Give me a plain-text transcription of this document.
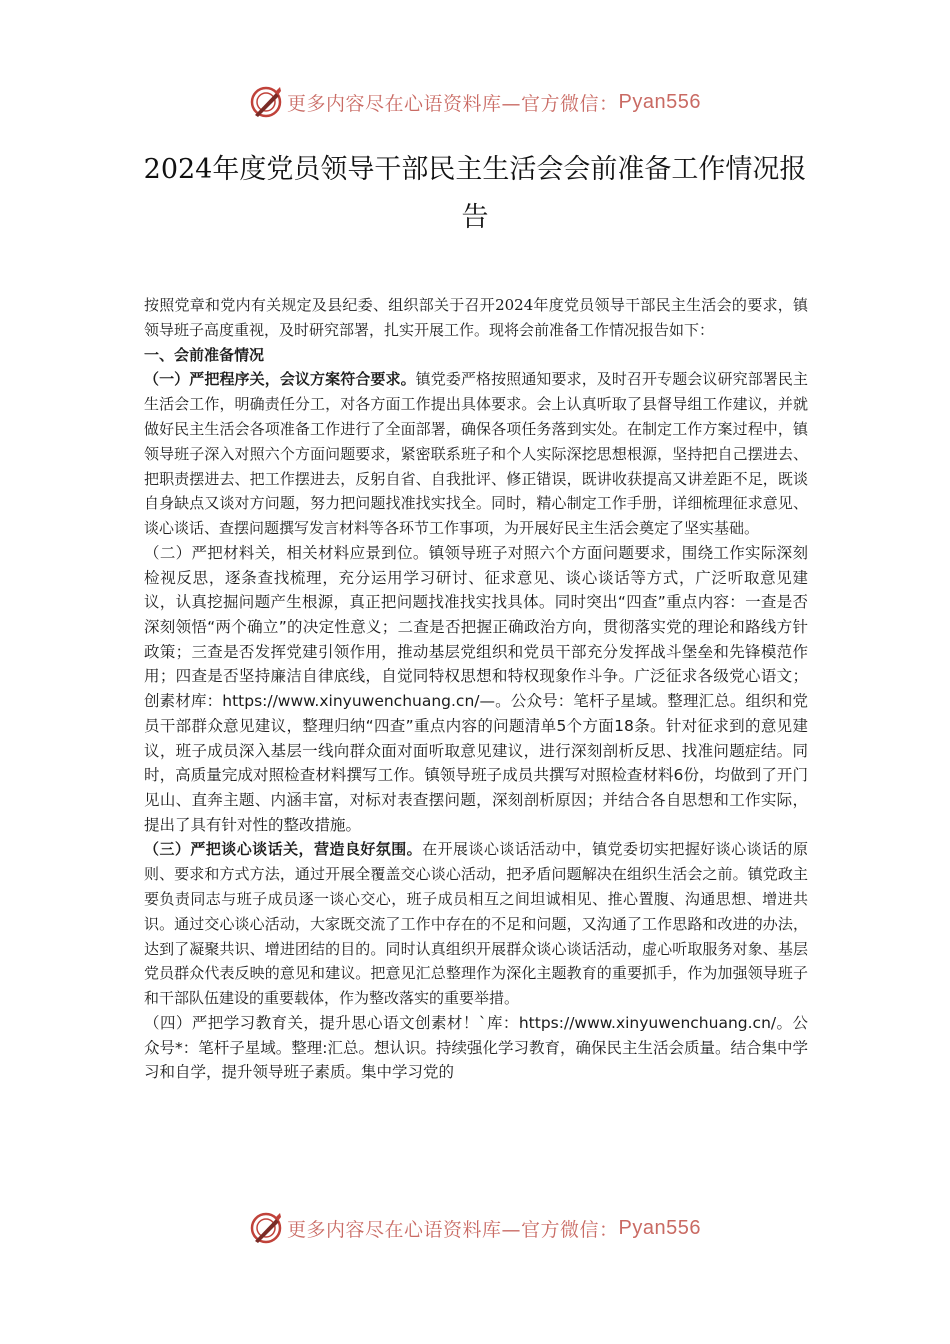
更多内容尽在心语资料库—官方微信： Pyan556
2024年度党员领导干部民主生活会会前准备工作情况报告

按照党章和党内有关规定及县纪委、组织部关于召开2024年度党员领导干部民主生活会的要求，镇领导班子高度重视，及时研究部署，扎实开展工作。现将会前准备工作情况报告如下：

一、会前准备情况

（一）严把程序关，会议方案符合要求。镇党委严格按照通知要求，及时召开专题会议研究部署民主生活会工作，明确责任分工，对各方面工作提出具体要求。会上认真听取了县督导组工作建议，并就做好民主生活会各项准备工作进行了全面部署，确保各项任务落到实处。在制定工作方案过程中，镇领导班子深入对照六个方面问题要求，紧密联系班子和个人实际深挖思想根源，坚持把自己摆进去、把职责摆进去、把工作摆进去，反躬自省、自我批评、修正错误，既讲收获提高又讲差距不足，既谈自身缺点又谈对方问题，努力把问题找准找实找全。同时，精心制定工作手册，详细梳理征求意见、谈心谈话、查摆问题撰写发言材料等各环节工作事项，为开展好民主生活会奠定了坚实基础。

（二）严把材料关，相关材料应景到位。镇领导班子对照六个方面问题要求，围绕工作实际深刻检视反思，逐条查找梳理，充分运用学习研讨、征求意见、谈心谈话等方式，广泛听取意见建议，认真挖掘问题产生根源，真正把问题找准找实找具体。同时突出“四查”重点内容：一查是否深刻领悟“两个确立”的决定性意义；二查是否把握正确政治方向，贯彻落实党的理论和路线方针政策；三查是否发挥党建引领作用，推动基层党组织和党员干部充分发挥战斗堡垒和先锋模范作用；四查是否坚持廉洁自律底线，自觉同特权思想和特权现象作斗争。广泛征求各级党心语文；创素材库：https://www.xinyuwenchuang.cn/—。公众号：笔杆子星域。整理汇总。组织和党员干部群众意见建议，整理归纳“四查”重点内容的问题清单5个方面18条。针对征求到的意见建议，班子成员深入基层一线向群众面对面听取意见建议，进行深刻剖析反思、找准问题症结。同时，高质量完成对照检查材料撰写工作。镇领导班子成员共撰写对照检查材料6份，均做到了开门见山、直奔主题、内涵丰富，对标对表查摆问题，深刻剖析原因；并结合各自思想和工作实际，提出了具有针对性的整改措施。

（三）严把谈心谈话关，营造良好氛围。在开展谈心谈话活动中，镇党委切实把握好谈心谈话的原则、要求和方式方法，通过开展全覆盖交心谈心活动，把矛盾问题解决在组织生活会之前。镇党政主要负责同志与班子成员逐一谈心交心，班子成员相互之间坦诚相见、推心置腹、沟通思想、增进共识。通过交心谈心活动，大家既交流了工作中存在的不足和问题，又沟通了工作思路和改进的办法，达到了凝聚共识、增进团结的目的。同时认真组织开展群众谈心谈话活动，虚心听取服务对象、基层党员群众代表反映的意见和建议。把意见汇总整理作为深化主题教育的重要抓手，作为加强领导班子和干部队伍建设的重要载体，作为整改落实的重要举措。

（四）严把学习教育关，提升思心语文创素材！`库：https://www.xinyuwenchuang.cn/。公众号*：笔杆子星域。整理:汇总。想认识。持续强化学习教育，确保民主生活会质量。结合集中学习和自学，提升领导班子素质。集中学习党的

更多内容尽在心语资料库—官方微信： Pyan556
